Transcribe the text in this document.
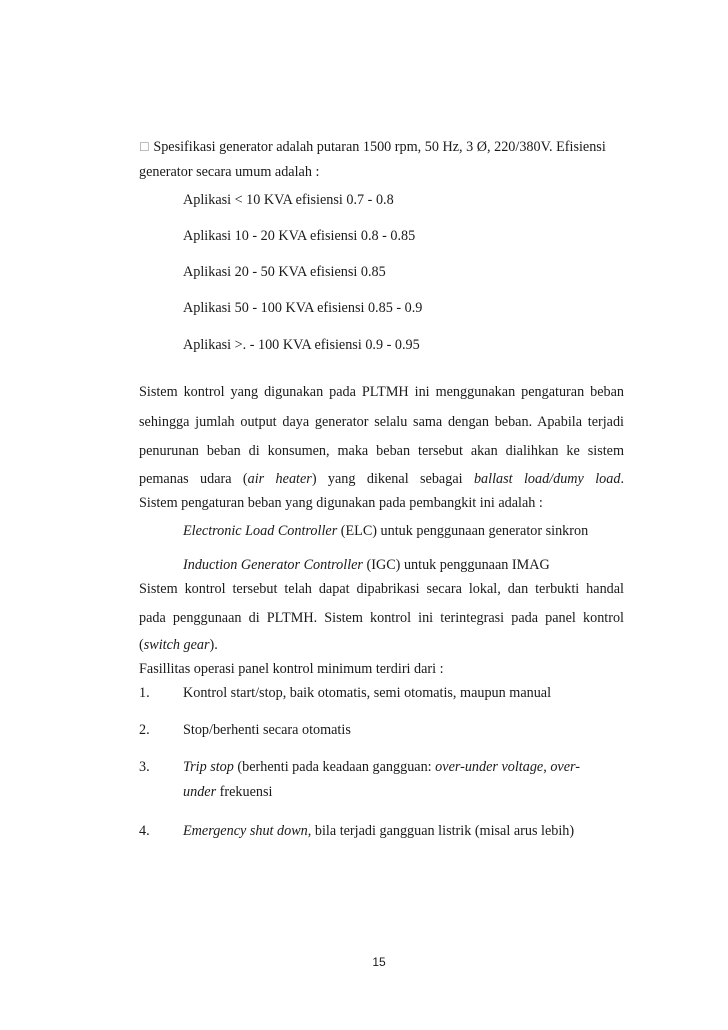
☐ Spesifikasi generator adalah putaran 1500 rpm, 50 Hz, 3 Ø, 220/380V. Efisiensi
generator secara umum adalah :
Aplikasi < 10 KVA efisiensi 0.7 - 0.8
Aplikasi 10 - 20 KVA efisiensi 0.8 - 0.85
Aplikasi 20 - 50 KVA efisiensi 0.85
Aplikasi 50 - 100 KVA efisiensi 0.85 - 0.9
Aplikasi >. - 100 KVA efisiensi 0.9 - 0.95
Sistem kontrol yang digunakan pada PLTMH ini menggunakan pengaturan beban
sehingga jumlah output daya generator selalu sama dengan beban. Apabila terjadi
penurunan beban di konsumen, maka beban tersebut akan dialihkan ke sistem
pemanas udara (air heater) yang dikenal sebagai ballast load/dumy load.
Sistem pengaturan beban yang digunakan pada pembangkit ini adalah :
Electronic Load Controller (ELC) untuk penggunaan generator sinkron
Induction Generator Controller (IGC) untuk penggunaan IMAG
Sistem kontrol tersebut telah dapat dipabrikasi secara lokal, dan terbukti handal
pada penggunaan di PLTMH. Sistem kontrol ini terintegrasi pada panel kontrol
(switch gear).
Fasillitas operasi panel kontrol minimum terdiri dari :
1. Kontrol start/stop, baik otomatis, semi otomatis, maupun manual
2. Stop/berhenti secara otomatis
3. Trip stop (berhenti pada keadaan gangguan: over-under voltage, over-
under frekuensi
4. Emergency shut down, bila terjadi gangguan listrik (misal arus lebih)
15
